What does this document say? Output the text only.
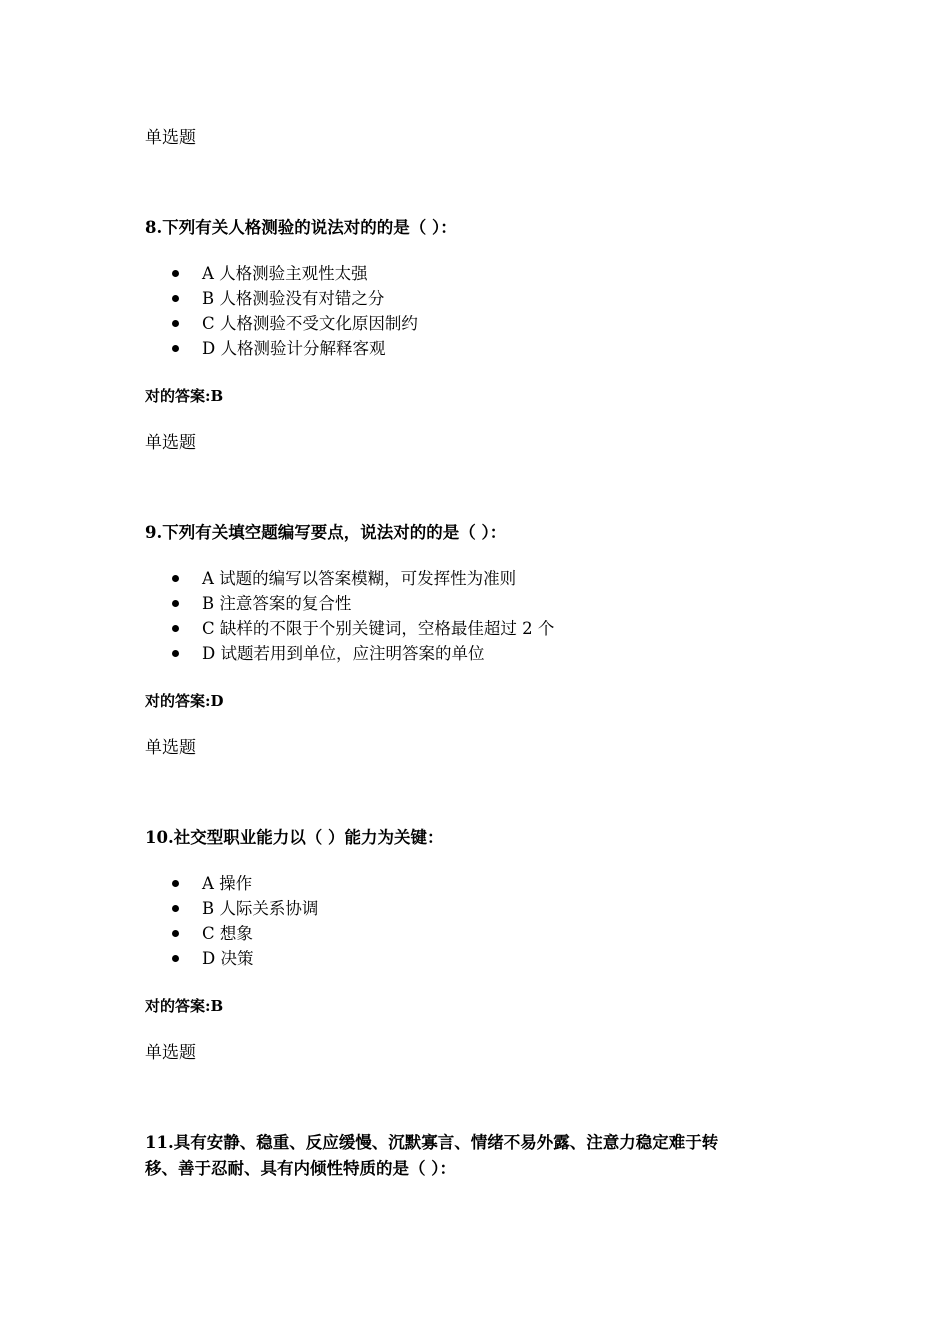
单选题
8.下列有关人格测验的说法对的的是（ ）：
A 人格测验主观性太强
B 人格测验没有对错之分
C 人格测验不受文化原因制约
D 人格测验计分解释客观
对的答案:B
单选题
9.下列有关填空题编写要点，说法对的的是（ ）：
A 试题的编写以答案模糊，可发挥性为准则
B 注意答案的复合性
C 缺样的不限于个别关键词，空格最佳超过 2 个
D 试题若用到单位，应注明答案的单位
对的答案:D
单选题
10.社交型职业能力以（ ）能力为关键：
A 操作
B 人际关系协调
C 想象
D 决策
对的答案:B
单选题
11.具有安静、稳重、反应缓慢、沉默寡言、情绪不易外露、注意力稳定难于转
移、善于忍耐、具有内倾性特质的是（ ）：
